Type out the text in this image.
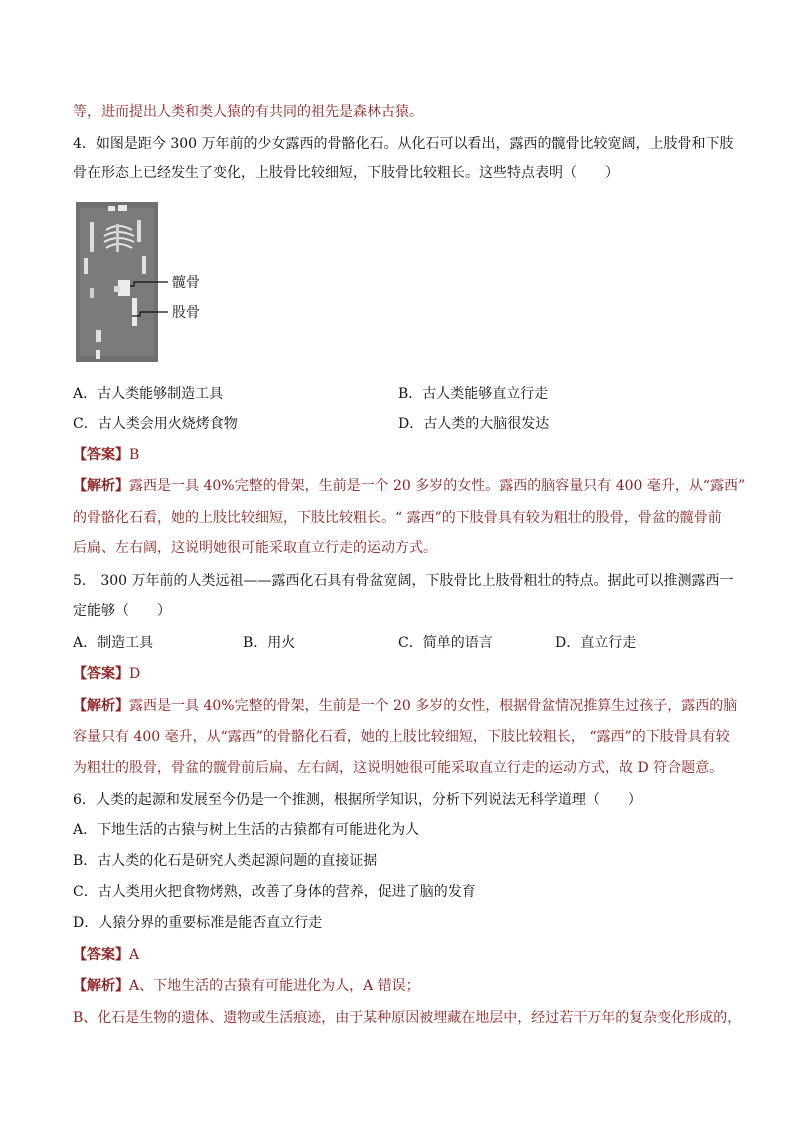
等，进而提出人类和类人猿的有共同的祖先是森林古猿。
4．如图是距今 300 万年前的少女露西的骨骼化石。从化石可以看出，露西的髋骨比较宽阔，上肢骨和下肢
骨在形态上已经发生了变化，上肢骨比较细短，下肢骨比较粗长。这些特点表明（　　）
髋骨
股骨
A．古人类能够制造工具	B．古人类能够直立行走
C．古人类会用火烧烤食物	D．古人类的大脑很发达
【答案】B
【解析】露西是一具 40%完整的骨架，生前是一个 20 多岁的女性。露西的脑容量只有 400 毫升，从“露西”
的骨骼化石看，她的上肢比较细短，下肢比较粗长。“ 露西”的下肢骨具有较为粗壮的股骨，骨盆的髋骨前
后扁、左右阔，这说明她很可能采取直立行走的运动方式。
5． 300 万年前的人类远祖——露西化石具有骨盆宽阔，下肢骨比上肢骨粗壮的特点。据此可以推测露西一
定能够（　　）
A．制造工具	B．用火	C．简单的语言	D．直立行走
【答案】D
【解析】露西是一具 40%完整的骨架，生前是一个 20 多岁的女性，根据骨盆情况推算生过孩子，露西的脑
容量只有 400 毫升，从“露西”的骨骼化石看，她的上肢比较细短，下肢比较粗长， “露西”的下肢骨具有较
为粗壮的股骨，骨盆的髋骨前后扁、左右阔，这说明她很可能采取直立行走的运动方式，故 D 符合题意。
6．人类的起源和发展至今仍是一个推测，根据所学知识，分析下列说法无科学道理（　　）
A．下地生活的古猿与树上生活的古猿都有可能进化为人
B．古人类的化石是研究人类起源问题的直接证据
C．古人类用火把食物烤熟，改善了身体的营养，促进了脑的发育
D．人猿分界的重要标准是能否直立行走
【答案】A
【解析】A、下地生活的古猿有可能进化为人，A 错误；
B、化石是生物的遗体、遗物或生活痕迹，由于某种原因被埋藏在地层中，经过若干万年的复杂变化形成的，
